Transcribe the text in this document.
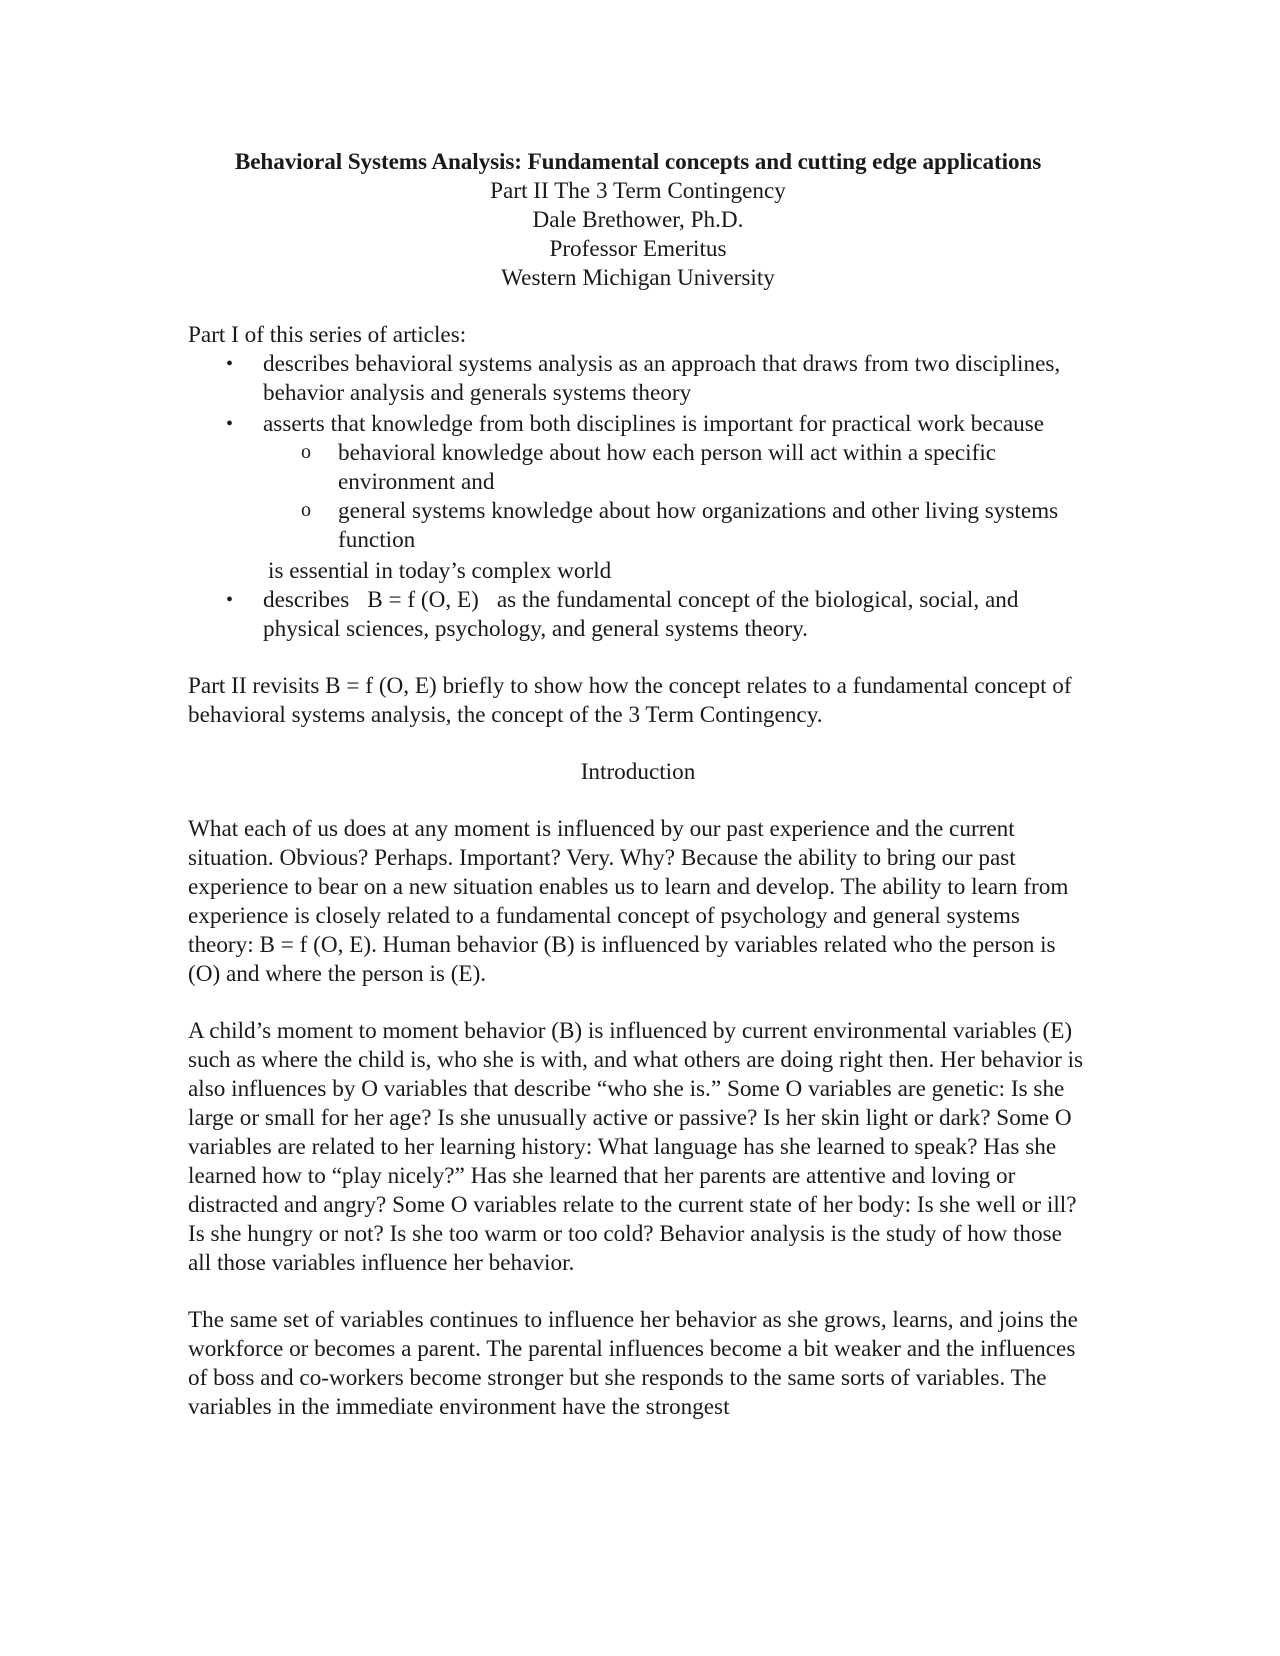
Behavioral Systems Analysis: Fundamental concepts and cutting edge applications
Part II The 3 Term Contingency
Dale Brethower, Ph.D.
Professor Emeritus
Western Michigan University
Part I of this series of articles:
• describes behavioral systems analysis as an approach that draws from two disciplines, behavior analysis and generals systems theory
• asserts that knowledge from both disciplines is important for practical work because
o behavioral knowledge about how each person will act within a specific environment and
o general systems knowledge about how organizations and other living systems function
is essential in today’s complex world
• describes B = f (O, E) as the fundamental concept of the biological, social, and physical sciences, psychology, and general systems theory.

Part II revisits B = f (O, E) briefly to show how the concept relates to a fundamental concept of behavioral systems analysis, the concept of the 3 Term Contingency.

Introduction

What each of us does at any moment is influenced by our past experience and the current situation. Obvious? Perhaps. Important? Very. Why? Because the ability to bring our past experience to bear on a new situation enables us to learn and develop. The ability to learn from experience is closely related to a fundamental concept of psychology and general systems theory: B = f (O, E). Human behavior (B) is influenced by variables related who the person is (O) and where the person is (E).

A child’s moment to moment behavior (B) is influenced by current environmental variables (E) such as where the child is, who she is with, and what others are doing right then. Her behavior is also influences by O variables that describe “who she is.” Some O variables are genetic: Is she large or small for her age? Is she unusually active or passive? Is her skin light or dark? Some O variables are related to her learning history: What language has she learned to speak? Has she learned how to “play nicely?” Has she learned that her parents are attentive and loving or distracted and angry? Some O variables relate to the current state of her body: Is she well or ill? Is she hungry or not? Is she too warm or too cold? Behavior analysis is the study of how those all those variables influence her behavior.

The same set of variables continues to influence her behavior as she grows, learns, and joins the workforce or becomes a parent. The parental influences become a bit weaker and the influences of boss and co-workers become stronger but she responds to the same sorts of variables. The variables in the immediate environment have the strongest
